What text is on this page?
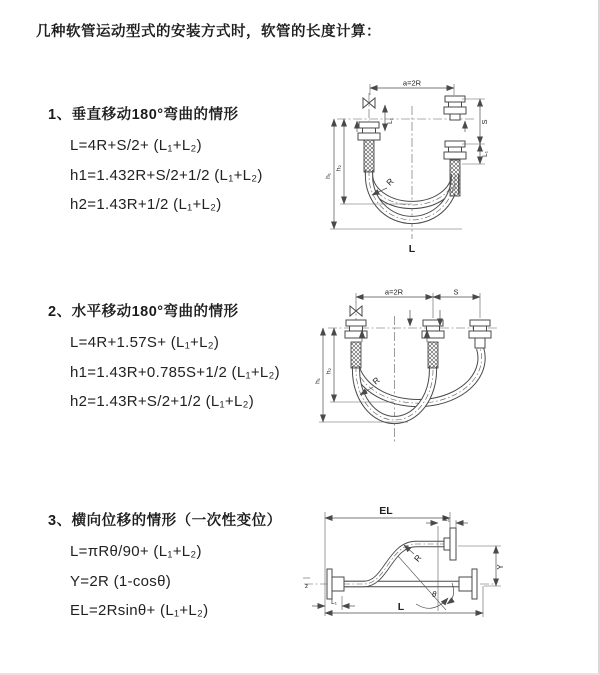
几种软管运动型式的安装方式时，软管的长度计算：
1、垂直移动180°弯曲的情形
L=4R+S/2+ (L₁+L₂)
h1=1.432R+S/2+1/2 (L₁+L₂)
h2=1.43R+1/2 (L₁+L₂)
2、水平移动180°弯曲的情形
L=4R+1.57S+ (L₁+L₂)
h1=1.43R+0.785S+1/2 (L₁+L₂)
h2=1.43R+S/2+1/2 (L₁+L₂)
3、横向位移的情形（一次性变位）
L=πRθ/90+ (L₁+L₂)
Y=2R (1-cosθ)
EL=2Rsinθ+ (L₁+L₂)
a=2R
L₁	S
L₁
h₁
h₂
R
L
a=2R	S
h₁
h₂
R
θ
EL
L₁
Y
L
L₁
R
z
